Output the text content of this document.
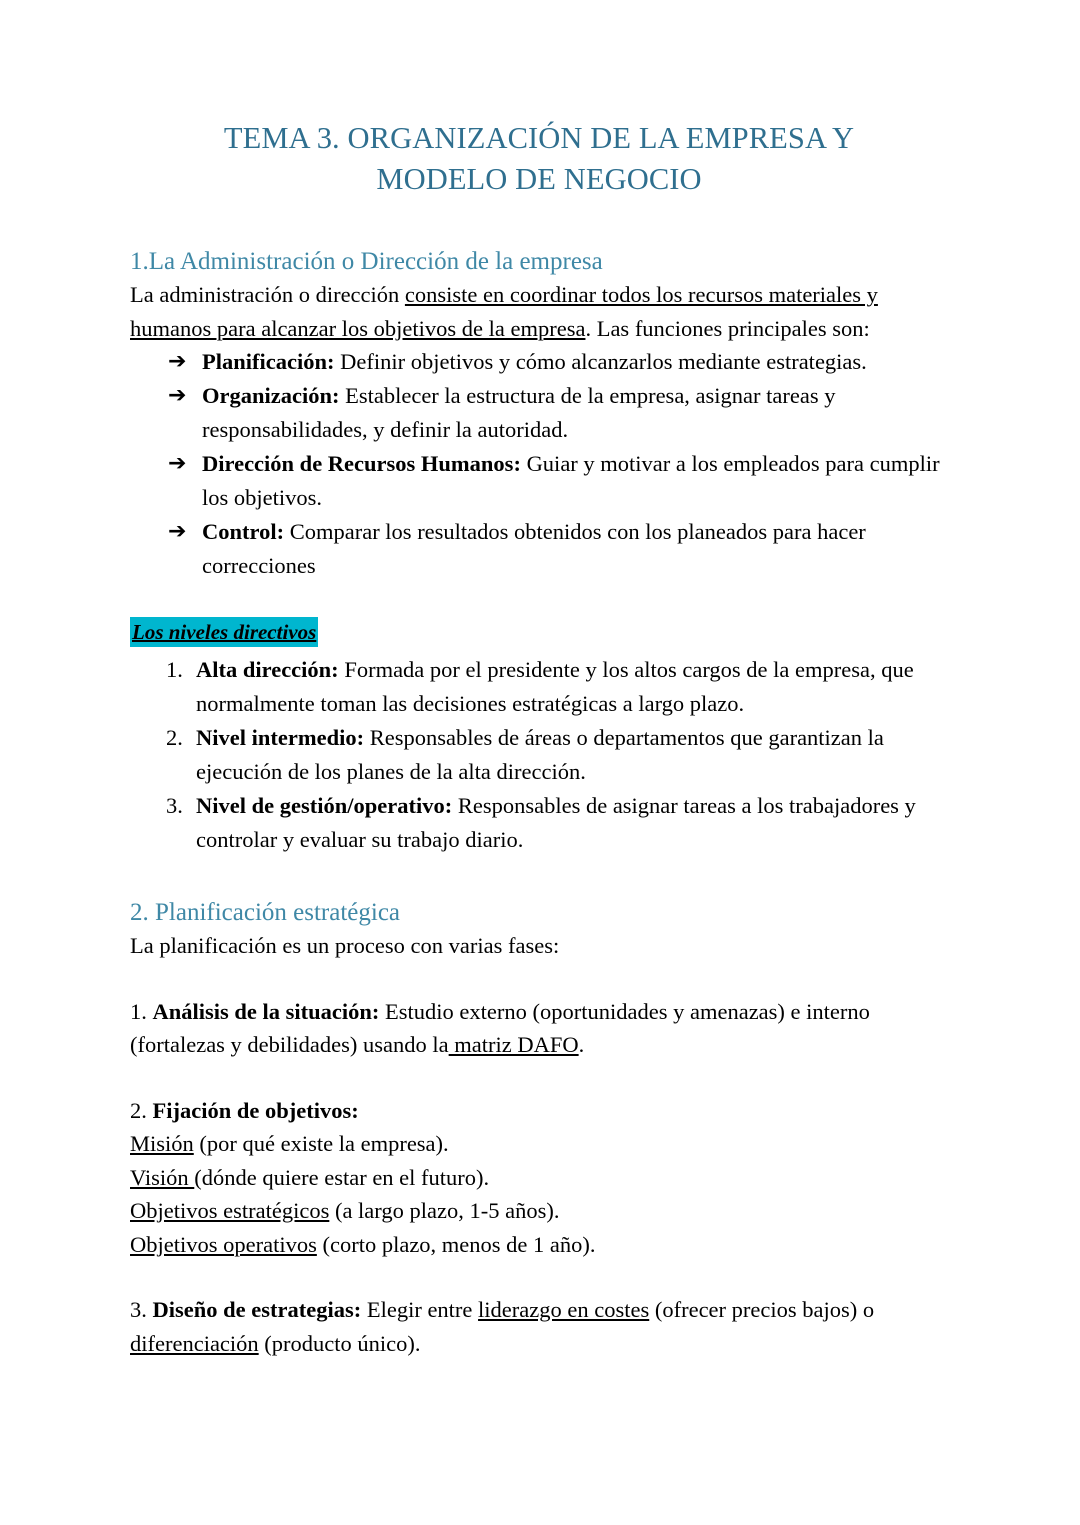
TEMA 3. ORGANIZACIÓN DE LA EMPRESA Y
MODELO DE NEGOCIO
1.La Administración o Dirección de la empresa

La administración o dirección consiste en coordinar todos los recursos materiales y humanos para alcanzar los objetivos de la empresa. Las funciones principales son:

➔ Planificación: Definir objetivos y cómo alcanzarlos mediante estrategias.
➔ Organización: Establecer la estructura de la empresa, asignar tareas y responsabilidades, y definir la autoridad.
➔ Dirección de Recursos Humanos: Guiar y motivar a los empleados para cumplir los objetivos.
➔ Control: Comparar los resultados obtenidos con los planeados para hacer correcciones
Los niveles directivos
Alta dirección: Formada por el presidente y los altos cargos de la empresa, que normalmente toman las decisiones estratégicas a largo plazo.
Nivel intermedio: Responsables de áreas o departamentos que garantizan la ejecución de los planes de la alta dirección.
Nivel de gestión/operativo: Responsables de asignar tareas a los trabajadores y controlar y evaluar su trabajo diario.
2. Planificación estratégica

La planificación es un proceso con varias fases:

1. Análisis de la situación: Estudio externo (oportunidades y amenazas) e interno (fortalezas y debilidades) usando la matriz DAFO.

2. Fijación de objetivos:

Misión (por qué existe la empresa).

Visión (dónde quiere estar en el futuro).

Objetivos estratégicos (a largo plazo, 1-5 años).

Objetivos operativos (corto plazo, menos de 1 año).

3. Diseño de estrategias: Elegir entre liderazgo en costes (ofrecer precios bajos) o diferenciación (producto único).
